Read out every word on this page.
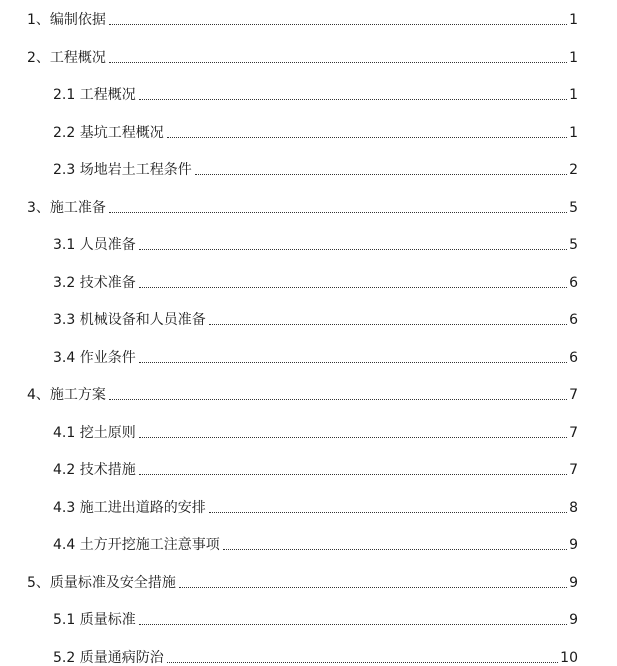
1、编制依据	1
2、工程概况	1
2.1 工程概况	1
2.2 基坑工程概况	1
2.3 场地岩土工程条件	2
3、施工准备	5
3.1 人员准备	5
3.2 技术准备	6
3.3 机械设备和人员准备	6
3.4 作业条件	6
4、施工方案	7
4.1 挖土原则	7
4.2 技术措施	7
4.3 施工进出道路的安排	8
4.4 土方开挖施工注意事项	9
5、质量标准及安全措施	9
5.1 质量标准	9
5.2 质量通病防治	10
